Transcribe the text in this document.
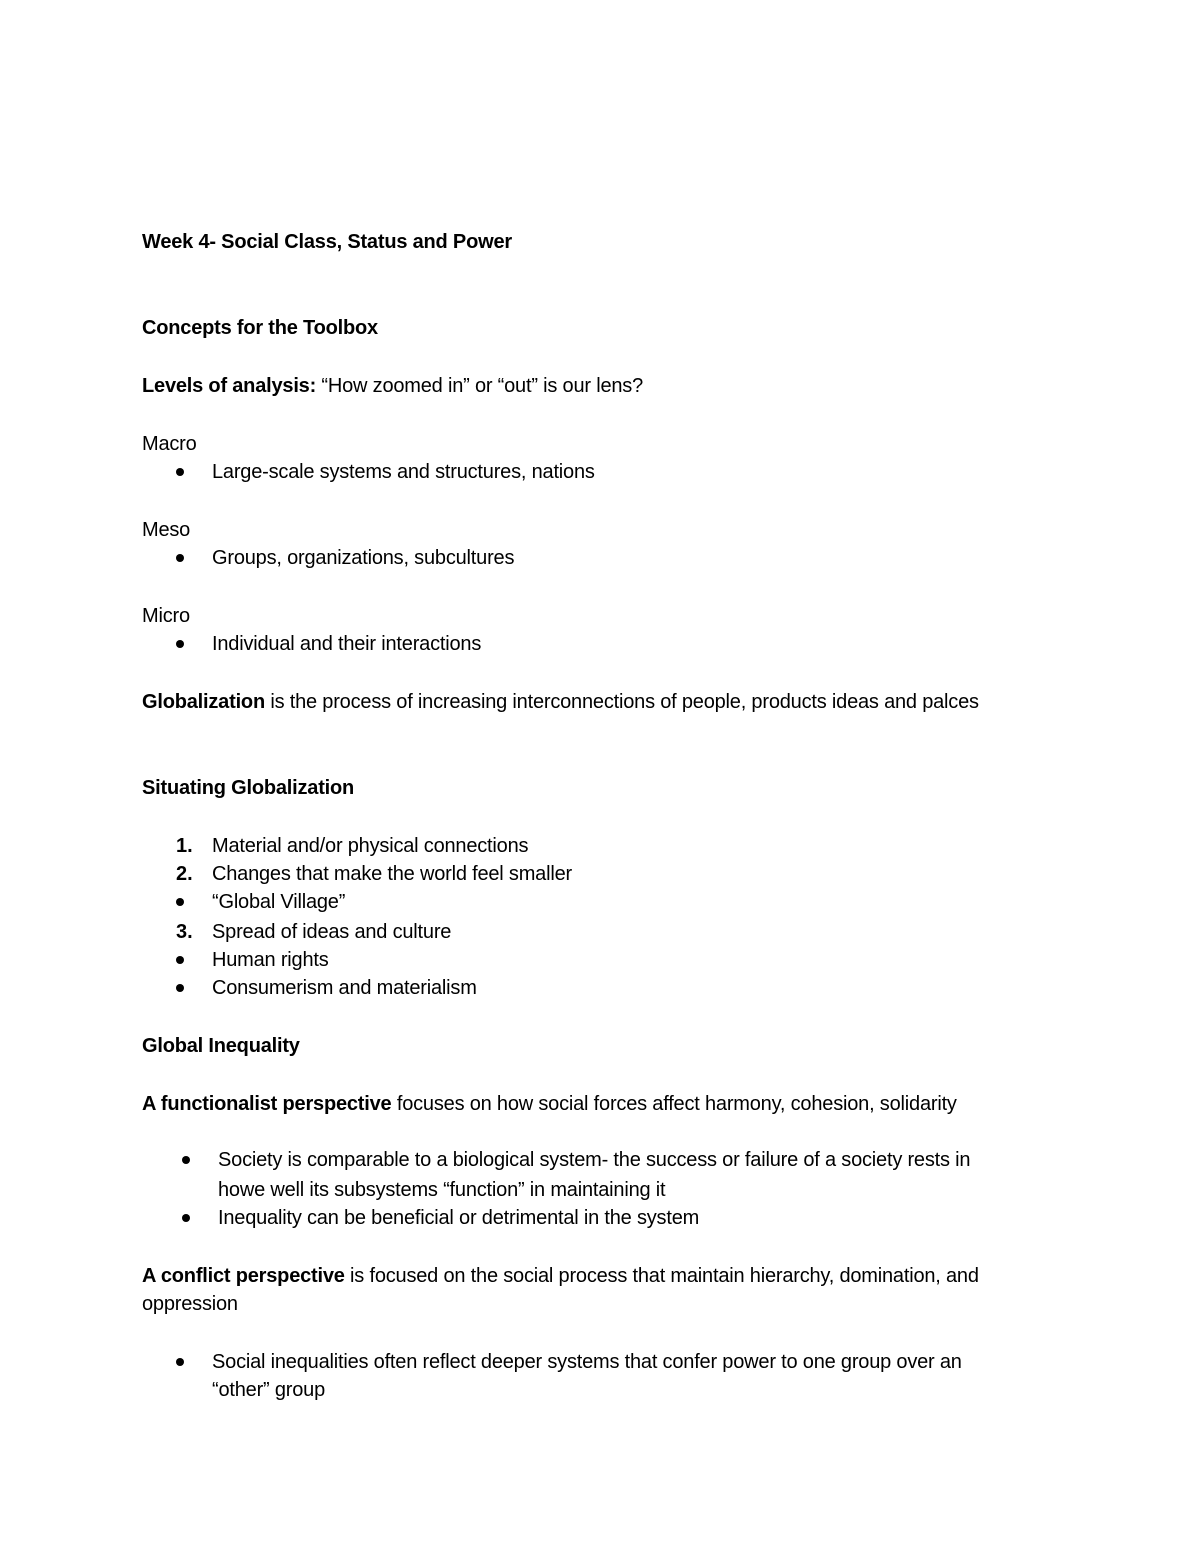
Week 4- Social Class, Status and Power
Concepts for the Toolbox
Levels of analysis: “How zoomed in” or “out” is our lens?
Macro
Large-scale systems and structures, nations
Meso
Groups, organizations, subcultures
Micro
Individual and their interactions
Globalization is the process of increasing interconnections of people, products ideas and palces
Situating Globalization
1. Material and/or physical connections
2. Changes that make the world feel smaller
“Global Village”
3. Spread of ideas and culture
Human rights
Consumerism and materialism
Global Inequality
A functionalist perspective focuses on how social forces affect harmony, cohesion, solidarity
Society is comparable to a biological system- the success or failure of a society rests in
howe well its subsystems “function” in maintaining it
Inequality can be beneficial or detrimental in the system
A conflict perspective is focused on the social process that maintain hierarchy, domination, and
oppression
Social inequalities often reflect deeper systems that confer power to one group over an
“other” group
